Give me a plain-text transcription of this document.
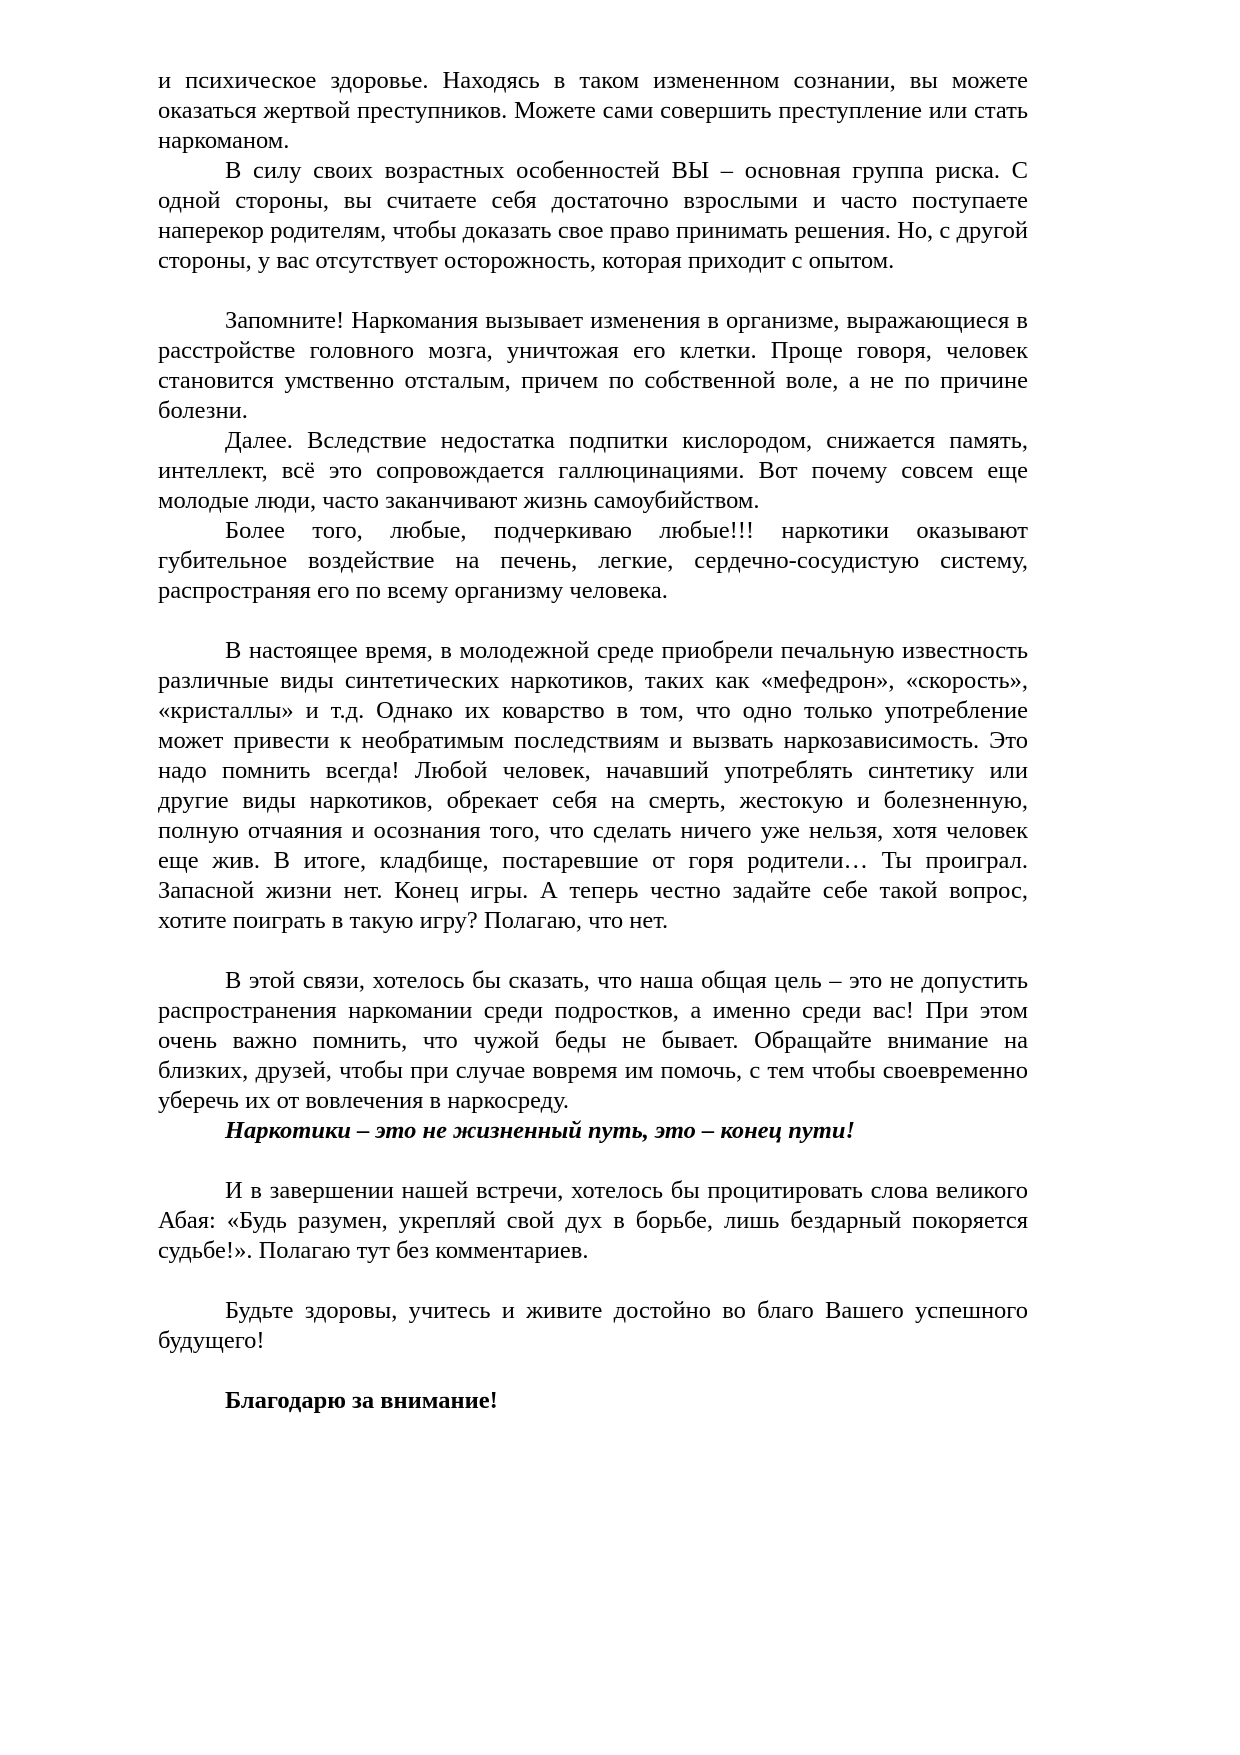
и психическое здоровье. Находясь в таком измененном сознании, вы можете оказаться жертвой преступников. Можете сами совершить преступление или стать наркоманом.

В силу своих возрастных особенностей ВЫ – основная группа риска. С одной стороны, вы считаете себя достаточно взрослыми и часто поступаете наперекор родителям, чтобы доказать свое право принимать решения. Но, с другой стороны, у вас отсутствует осторожность, которая приходит с опытом.

Запомните! Наркомания вызывает изменения в организме, выражающиеся в расстройстве головного мозга, уничтожая его клетки. Проще говоря, человек становится умственно отсталым, причем по собственной воле, а не по причине болезни.

Далее. Вследствие недостатка подпитки кислородом, снижается память, интеллект, всё это сопровождается галлюцинациями. Вот почему совсем еще молодые люди, часто заканчивают жизнь самоубийством.

Более того, любые, подчеркиваю любые!!! наркотики оказывают губительное воздействие на печень, легкие, сердечно-сосудистую систему, распространяя его по всему организму человека.

В настоящее время, в молодежной среде приобрели печальную известность различные виды синтетических наркотиков, таких как «мефедрон», «скорость», «кристаллы» и т.д. Однако их коварство в том, что одно только употребление может привести к необратимым последствиям и вызвать наркозависимость. Это надо помнить всегда! Любой человек, начавший употреблять синтетику или другие виды наркотиков, обрекает себя на смерть, жестокую и болезненную, полную отчаяния и осознания того, что сделать ничего уже нельзя, хотя человек еще жив. В итоге, кладбище, постаревшие от горя родители… Ты проиграл. Запасной жизни нет. Конец игры. А теперь честно задайте себе такой вопрос, хотите поиграть в такую игру? Полагаю, что нет.

В этой связи, хотелось бы сказать, что наша общая цель – это не допустить распространения наркомании среди подростков, а именно среди вас! При этом очень важно помнить, что чужой беды не бывает. Обращайте внимание на близких, друзей, чтобы при случае вовремя им помочь, с тем чтобы своевременно уберечь их от вовлечения в наркосреду.

Наркотики – это не жизненный путь, это – конец пути!

И в завершении нашей встречи, хотелось бы процитировать слова великого Абая: «Будь разумен, укрепляй свой дух в борьбе, лишь бездарный покоряется судьбе!». Полагаю тут без комментариев.

Будьте здоровы, учитесь и живите достойно во благо Вашего успешного будущего!

Благодарю за внимание!
